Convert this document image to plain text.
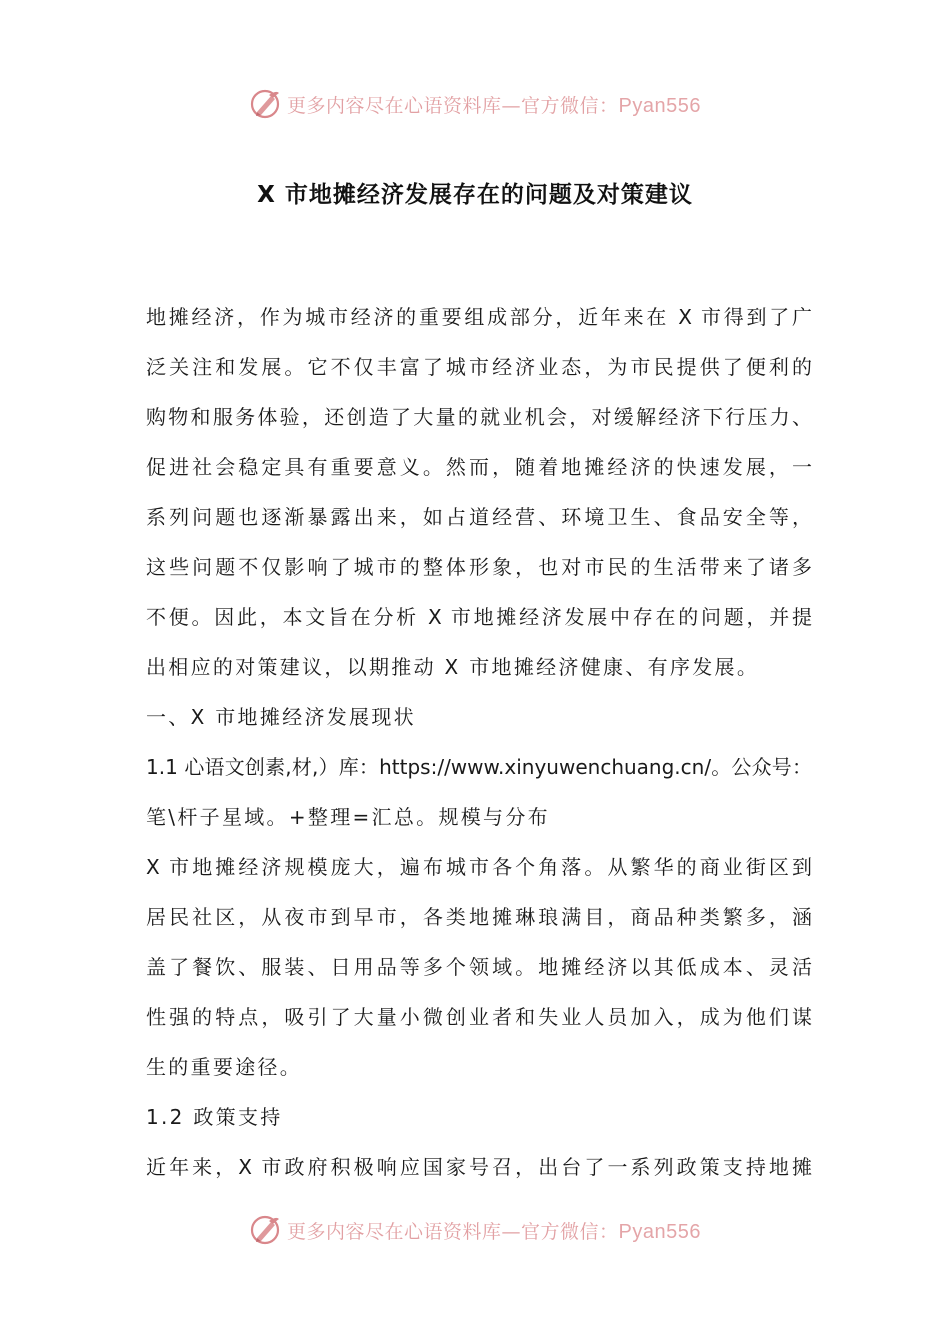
更多内容尽在心语资料库—官方微信：Pyan556
X 市地摊经济发展存在的问题及对策建议
地摊经济，作为城市经济的重要组成部分，近年来在 X 市得到了广
泛关注和发展。它不仅丰富了城市经济业态，为市民提供了便利的
购物和服务体验，还创造了大量的就业机会，对缓解经济下行压力、
促进社会稳定具有重要意义。然而，随着地摊经济的快速发展，一
系列问题也逐渐暴露出来，如占道经营、环境卫生、食品安全等，
这些问题不仅影响了城市的整体形象，也对市民的生活带来了诸多
不便。因此，本文旨在分析 X 市地摊经济发展中存在的问题，并提
出相应的对策建议，以期推动 X 市地摊经济健康、有序发展。
一、X 市地摊经济发展现状
1.1 心语文创素,材,）库：https://www.xinyuwenchuang.cn/。公众号：
笔\杆子星域。+整理=汇总。规模与分布
X 市地摊经济规模庞大，遍布城市各个角落。从繁华的商业街区到
居民社区，从夜市到早市，各类地摊琳琅满目，商品种类繁多，涵
盖了餐饮、服装、日用品等多个领域。地摊经济以其低成本、灵活
性强的特点，吸引了大量小微创业者和失业人员加入，成为他们谋
生的重要途径。
1.2 政策支持
近年来，X 市政府积极响应国家号召，出台了一系列政策支持地摊
更多内容尽在心语资料库—官方微信：Pyan556
